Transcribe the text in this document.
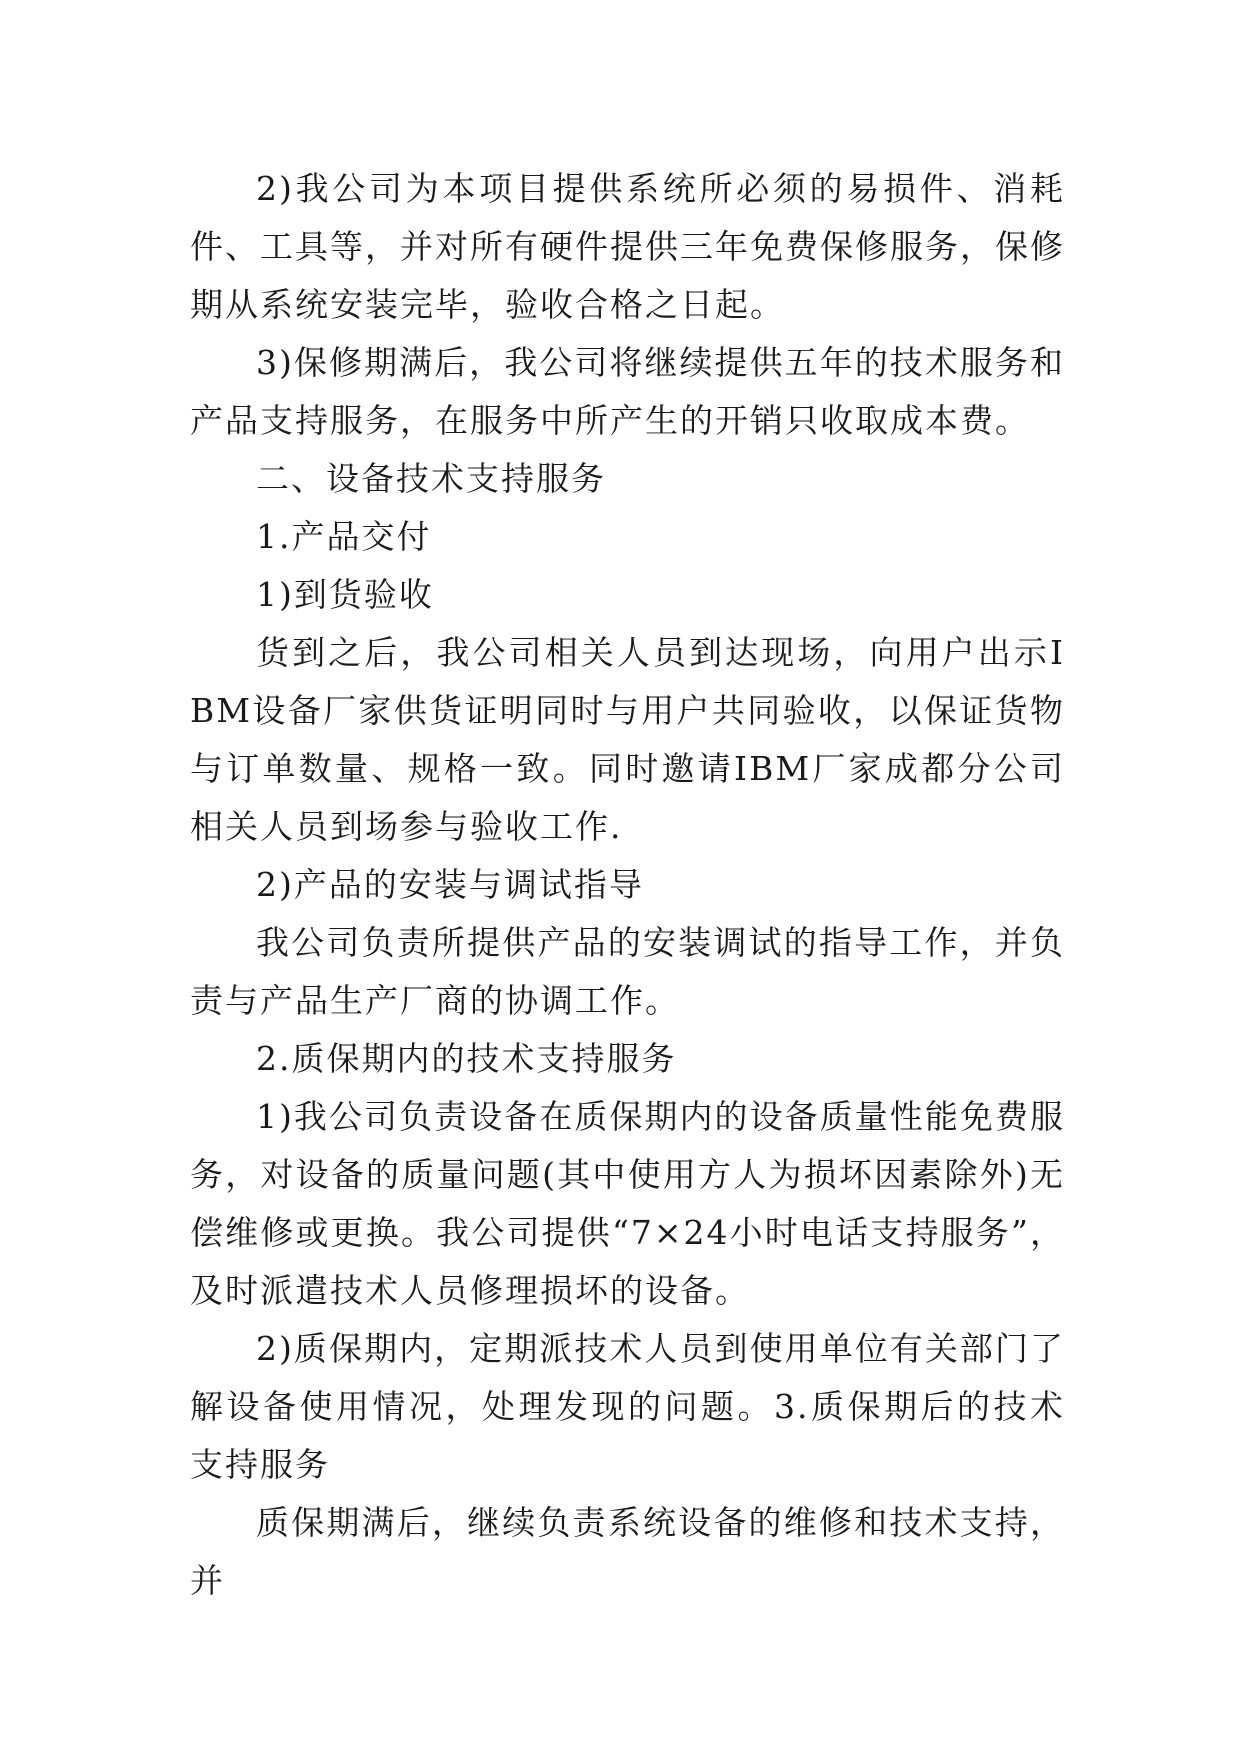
2)我公司为本项目提供系统所必须的易损件、消耗件、工具等，并对所有硬件提供三年免费保修服务，保修期从系统安装完毕，验收合格之日起。

3)保修期满后，我公司将继续提供五年的技术服务和产品支持服务，在服务中所产生的开销只收取成本费。

二、设备技术支持服务

1.产品交付

1)到货验收

货到之后，我公司相关人员到达现场，向用户出示IBM设备厂家供货证明同时与用户共同验收，以保证货物与订单数量、规格一致。同时邀请IBM厂家成都分公司相关人员到场参与验收工作.

2)产品的安装与调试指导

我公司负责所提供产品的安装调试的指导工作，并负责与产品生产厂商的协调工作。

2.质保期内的技术支持服务

1)我公司负责设备在质保期内的设备质量性能免费服务，对设备的质量问题(其中使用方人为损坏因素除外)无偿维修或更换。我公司提供“7×24小时电话支持服务”，及时派遣技术人员修理损坏的设备。

2)质保期内，定期派技术人员到使用单位有关部门了解设备使用情况，处理发现的问题。3.质保期后的技术支持服务

质保期满后，继续负责系统设备的维修和技术支持，并
